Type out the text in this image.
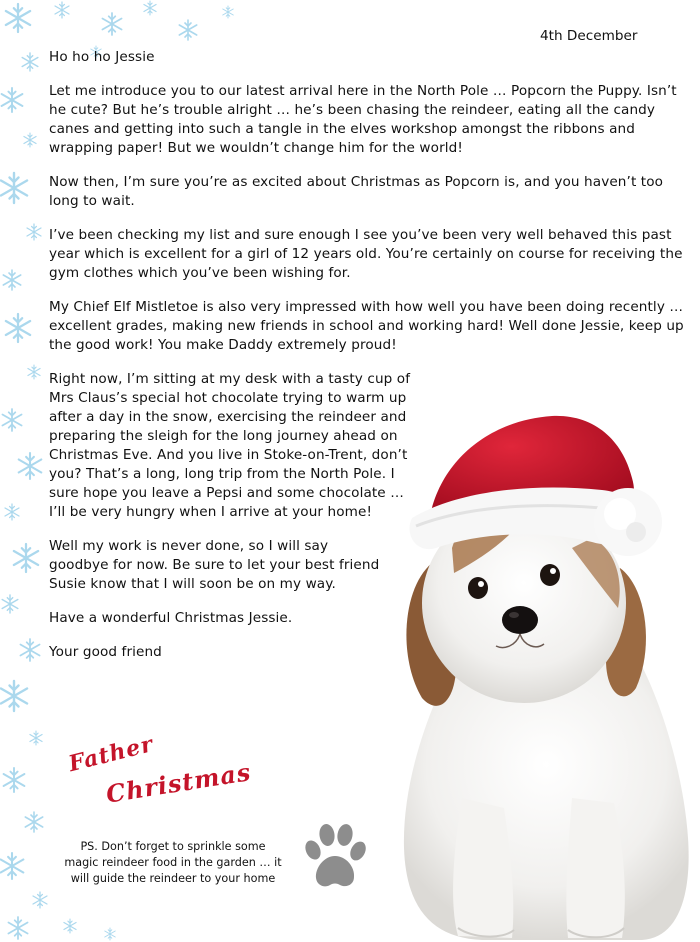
4th December

Ho ho ho Jessie

Let me introduce you to our latest arrival here in the North Pole … Popcorn the Puppy. Isn’t he cute? But he’s trouble alright … he’s been chasing the reindeer, eating all the candy canes and getting into such a tangle in the elves workshop amongst the ribbons and wrapping paper! But we wouldn’t change him for the world!

Now then, I’m sure you’re as excited about Christmas as Popcorn is, and you haven’t too long to wait.

I’ve been checking my list and sure enough I see you’ve been very well behaved this past year which is excellent for a girl of 12 years old. You’re certainly on course for receiving the gym clothes which you’ve been wishing for.

My Chief Elf Mistletoe is also very impressed with how well you have been doing recently … excellent grades, making new friends in school and working hard! Well done Jessie, keep up the good work! You make Daddy extremely proud!

Right now, I’m sitting at my desk with a tasty cup of Mrs Claus’s special hot chocolate trying to warm up after a day in the snow, exercising the reindeer and preparing the sleigh for the long journey ahead on Christmas Eve. And you live in Stoke-on-Trent, don’t you? That’s a long, long trip from the North Pole. I sure hope you leave a Pepsi and some chocolate … I’ll be very hungry when I arrive at your home!

Well my work is never done, so I will say goodbye for now. Be sure to let your best friend Susie know that I will soon be on my way.

Have a wonderful Christmas Jessie.

Your good friend

Father
Christmas
PS. Don’t forget to sprinkle some magic reindeer food in the garden … it will guide the reindeer to your home
